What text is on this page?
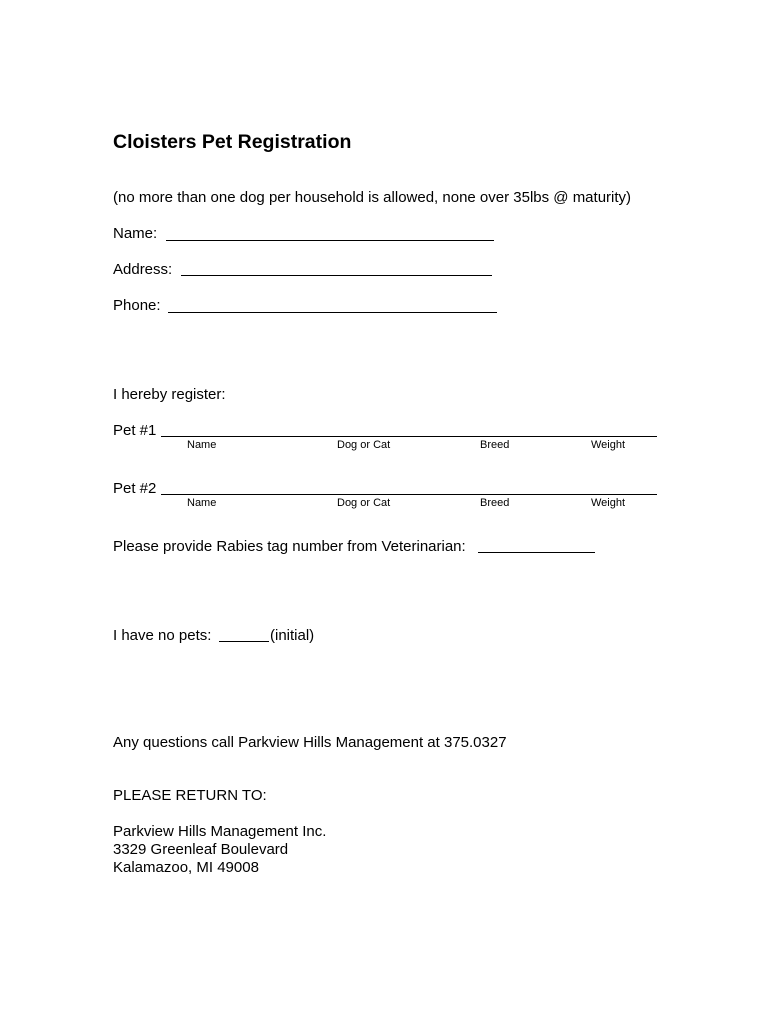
Cloisters Pet Registration
(no more than one dog per household is allowed, none over 35lbs @ maturity)
Name:
Address:
Phone:
I hereby register:
Pet #1
Name	Dog or Cat	Breed	Weight
Pet #2
Name	Dog or Cat	Breed	Weight
Please provide Rabies tag number from Veterinarian:
I have no pets:	(initial)
Any questions call Parkview Hills Management at 375.0327
PLEASE RETURN TO:
Parkview Hills Management Inc.
3329 Greenleaf Boulevard
Kalamazoo, MI 49008
